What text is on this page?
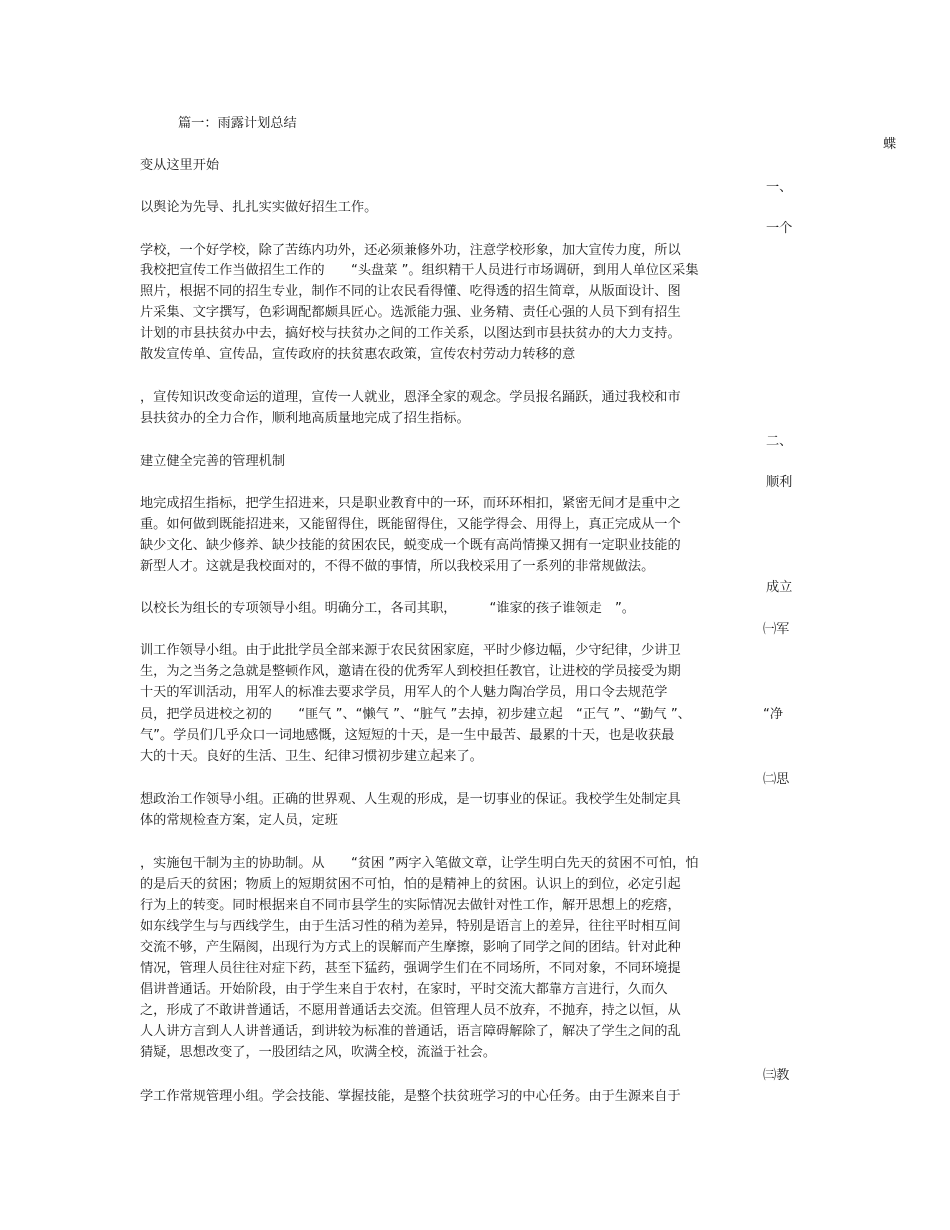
篇一：雨露计划总结
蝶
一、
一个
二、
顺利
成立
㈠军
“净
㈡思
㈢教
变从这里开始
以舆论为先导、扎扎实实做好招生工作。
学校，一个好学校，除了苦练内功外，还必须兼修外功，注意学校形象，加大宣传力度，所以
我校把宣传工作当做招生工作的　　“头盘菜 ”。组织精干人员进行市场调研，到用人单位区采集
照片，根据不同的招生专业，制作不同的让农民看得懂、吃得透的招生简章，从版面设计、图
片采集、文字撰写，色彩调配都颇具匠心。选派能力强、业务精、责任心强的人员下到有招生
计划的市县扶贫办中去，搞好校与扶贫办之间的工作关系，以图达到市县扶贫办的大力支持。
散发宣传单、宣传品，宣传政府的扶贫惠农政策，宣传农村劳动力转移的意
，宣传知识改变命运的道理，宣传一人就业，恩泽全家的观念。学员报名踊跃，通过我校和市
县扶贫办的全力合作，顺利地高质量地完成了招生指标。
建立健全完善的管理机制
地完成招生指标，把学生招进来，只是职业教育中的一环，而环环相扣，紧密无间才是重中之
重。如何做到既能招进来，又能留得住，既能留得住，又能学得会、用得上，真正完成从一个
缺少文化、缺少修养、缺少技能的贫困农民，蜕变成一个既有高尚情操又拥有一定职业技能的
新型人才。这就是我校面对的，不得不做的事情，所以我校采用了一系列的非常规做法。
以校长为组长的专项领导小组。明确分工，各司其职，　　　“谁家的孩子谁领走　”。
训工作领导小组。由于此批学员全部来源于农民贫困家庭，平时少修边幅，少守纪律，少讲卫
生，为之当务之急就是整顿作风，邀请在役的优秀军人到校担任教官，让进校的学员接受为期
十天的军训活动，用军人的标准去要求学员，用军人的个人魅力陶冶学员，用口令去规范学
员，把学员进校之初的　　“匪气 ”、“懒气 ”、“脏气 ”去掉，初步建立起　“正气 ”、“勤气 ”、
气”。学员们几乎众口一词地感慨，这短短的十天，是一生中最苦、最累的十天，也是收获最
大的十天。良好的生活、卫生、纪律习惯初步建立起来了。
想政治工作领导小组。正确的世界观、人生观的形成，是一切事业的保证。我校学生处制定具
体的常规检查方案，定人员，定班
，实施包干制为主的协助制。从　　“贫困 ”两字入笔做文章，让学生明白先天的贫困不可怕，怕
的是后天的贫困；物质上的短期贫困不可怕，怕的是精神上的贫困。认识上的到位，必定引起
行为上的转变。同时根据来自不同市县学生的实际情况去做针对性工作，解开思想上的疙瘩，
如东线学生与与西线学生，由于生活习性的稍为差异，特别是语言上的差异，往往平时相互间
交流不够，产生隔阂，出现行为方式上的误解而产生摩擦，影响了同学之间的团结。针对此种
情况，管理人员往往对症下药，甚至下猛药，强调学生们在不同场所，不同对象，不同环境提
倡讲普通话。开始阶段，由于学生来自于农村，在家时，平时交流大都靠方言进行，久而久
之，形成了不敢讲普通话，不愿用普通话去交流。但管理人员不放弃，不抛弃，持之以恒，从
人人讲方言到人人讲普通话，到讲较为标准的普通话，语言障碍解除了，解决了学生之间的乱
猜疑，思想改变了，一股团结之风，吹满全校，流溢于社会。
学工作常规管理小组。学会技能、掌握技能，是整个扶贫班学习的中心任务。由于生源来自于
